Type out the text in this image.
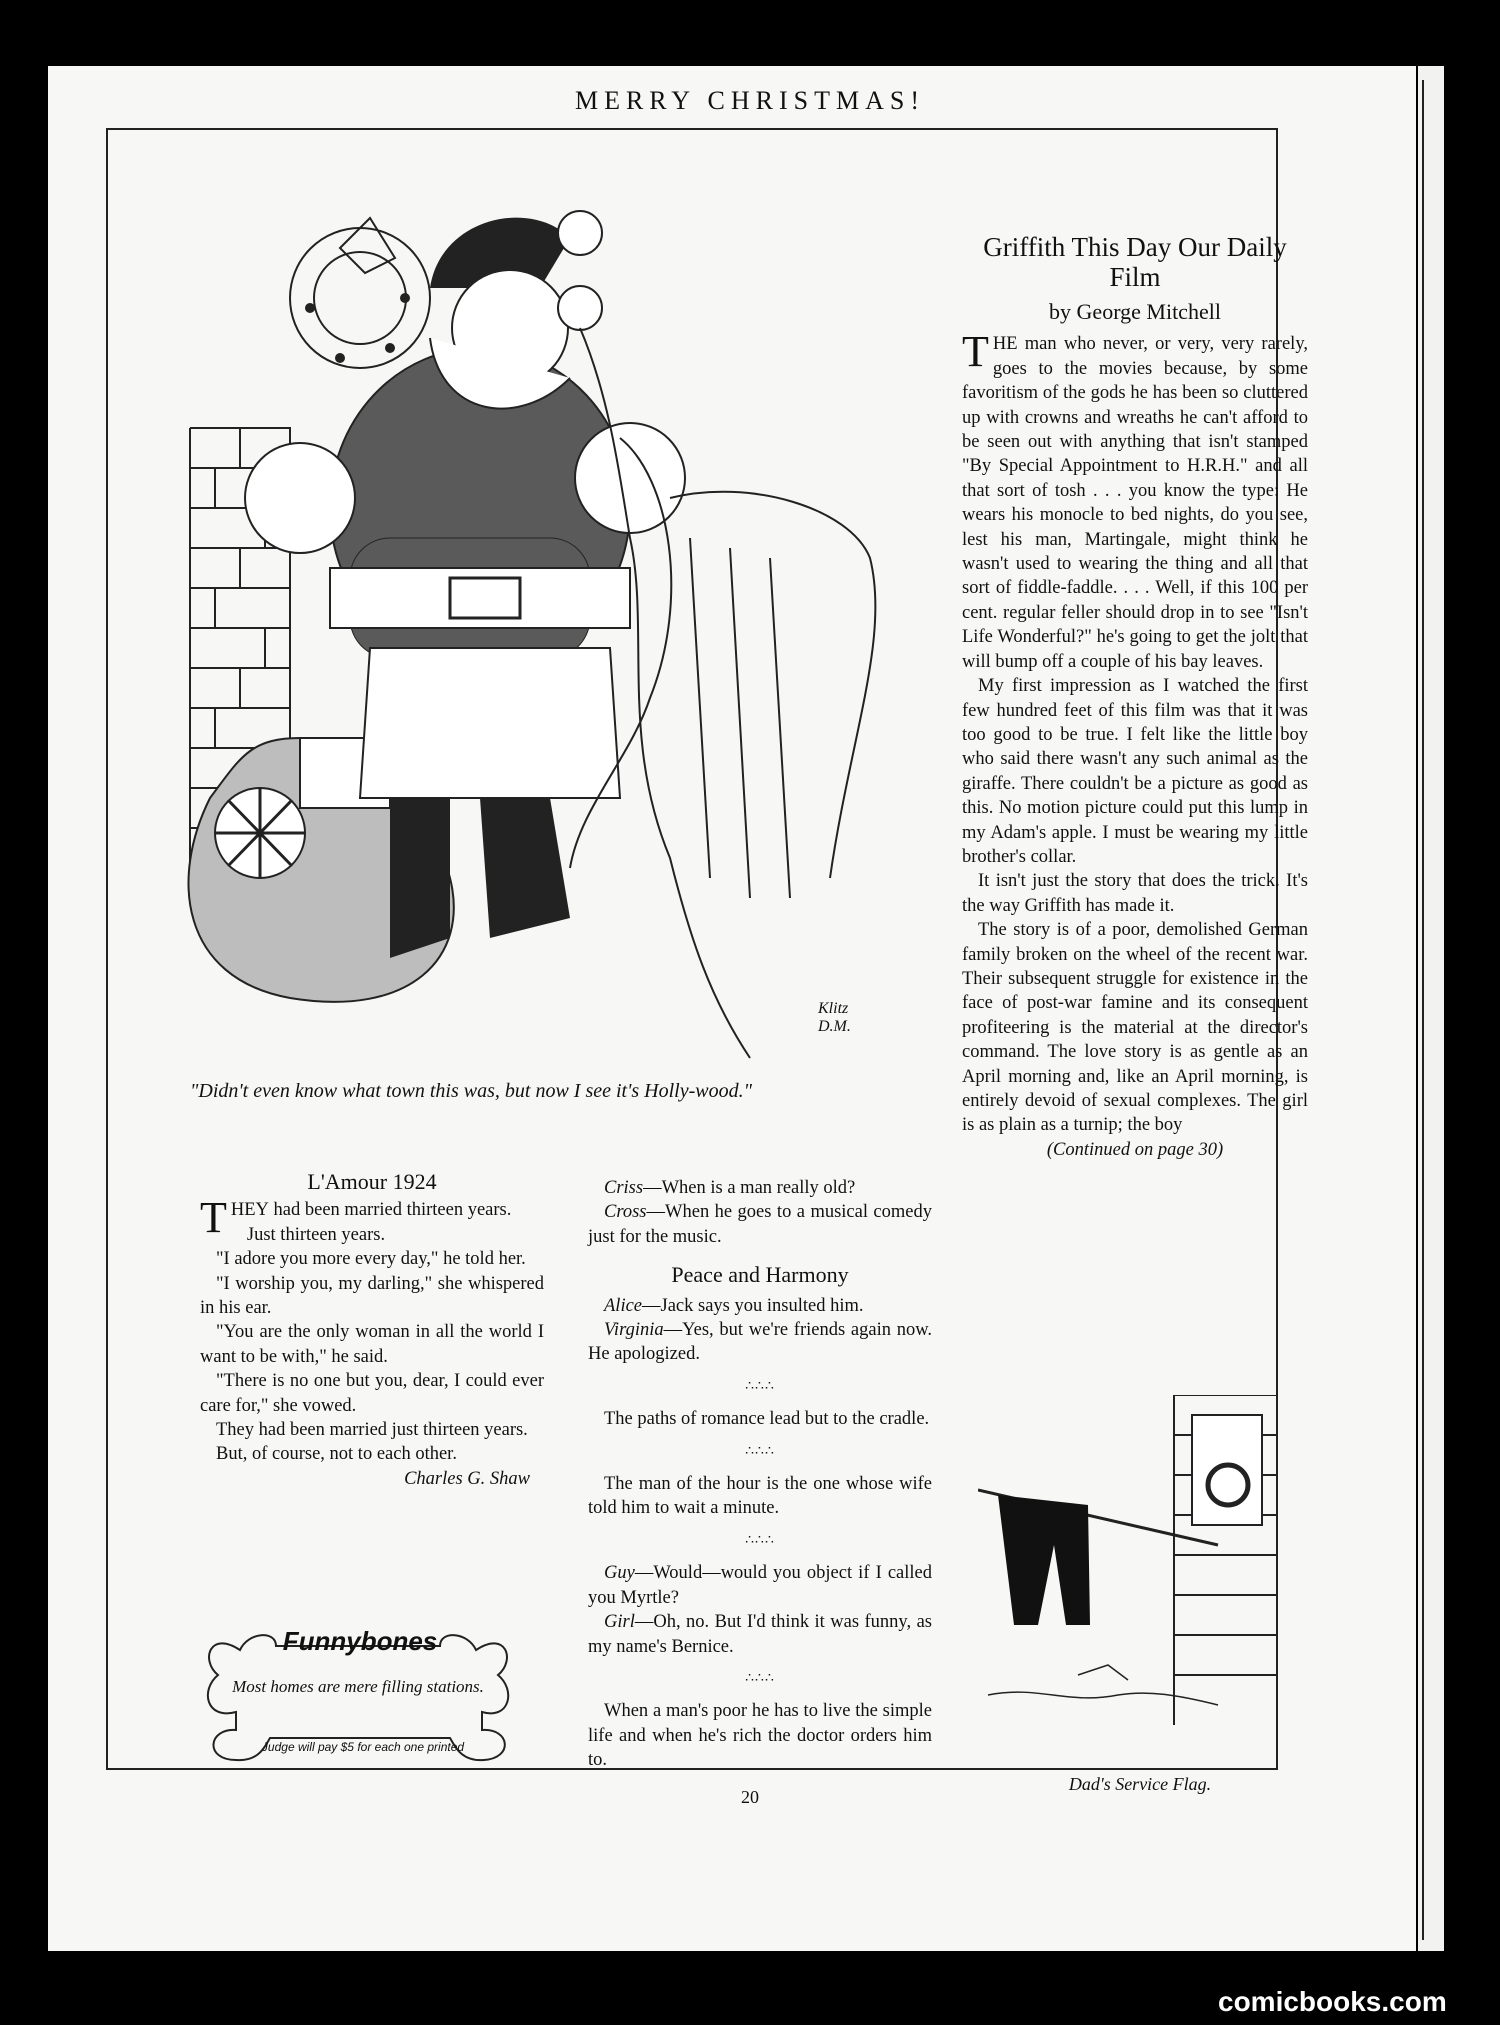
MERRY CHRISTMAS!
Klitz
D.M.
"Didn't even know what town this was, but now I see it's Holly-wood."
Griffith This Day Our Daily Film
by George Mitchell

THE man who never, or very, very rarely, goes to the movies because, by some favoritism of the gods he has been so cluttered up with crowns and wreaths he can't afford to be seen out with anything that isn't stamped "By Special Appointment to H.R.H." and all that sort of tosh . . . you know the type: He wears his monocle to bed nights, do you see, lest his man, Martingale, might think he wasn't used to wearing the thing and all that sort of fiddle-faddle. . . . Well, if this 100 per cent. regular feller should drop in to see "Isn't Life Wonderful?" he's going to get the jolt that will bump off a couple of his bay leaves.

My first impression as I watched the first few hundred feet of this film was that it was too good to be true. I felt like the little boy who said there wasn't any such animal as the giraffe. There couldn't be a picture as good as this. No motion picture could put this lump in my Adam's apple. I must be wearing my little brother's collar.

It isn't just the story that does the trick. It's the way Griffith has made it.

The story is of a poor, demolished German family broken on the wheel of the recent war. Their subsequent struggle for existence in the face of post-war famine and its consequent profiteering is the material at the director's command. The love story is as gentle as an April morning and, like an April morning, is entirely devoid of sexual complexes. The girl is as plain as a turnip; the boy

(Continued on page 30)
L'Amour 1924

THEY had been married thirteen years.

Just thirteen years.

"I adore you more every day," he told her.

"I worship you, my darling," she whispered in his ear.

"You are the only woman in all the world I want to be with," he said.

"There is no one but you, dear, I could ever care for," she vowed.

They had been married just thirteen years.

But, of course, not to each other.

Charles G. Shaw

Criss—When is a man really old?

Cross—When he goes to a musical comedy just for the music.

Peace and Harmony

Alice—Jack says you insulted him.

Virginia—Yes, but we're friends again now. He apologized.

∴∴∴

The paths of romance lead but to the cradle.

∴∴∴

The man of the hour is the one whose wife told him to wait a minute.

∴∴∴

Guy—Would—would you object if I called you Myrtle?

Girl—Oh, no. But I'd think it was funny, as my name's Bernice.

∴∴∴

When a man's poor he has to live the simple life and when he's rich the doctor orders him to.

Funnybones
Most homes are mere filling stations.
Judge will pay $5 for each one printed
Dad's Service Flag.
20
comicbooks.com
